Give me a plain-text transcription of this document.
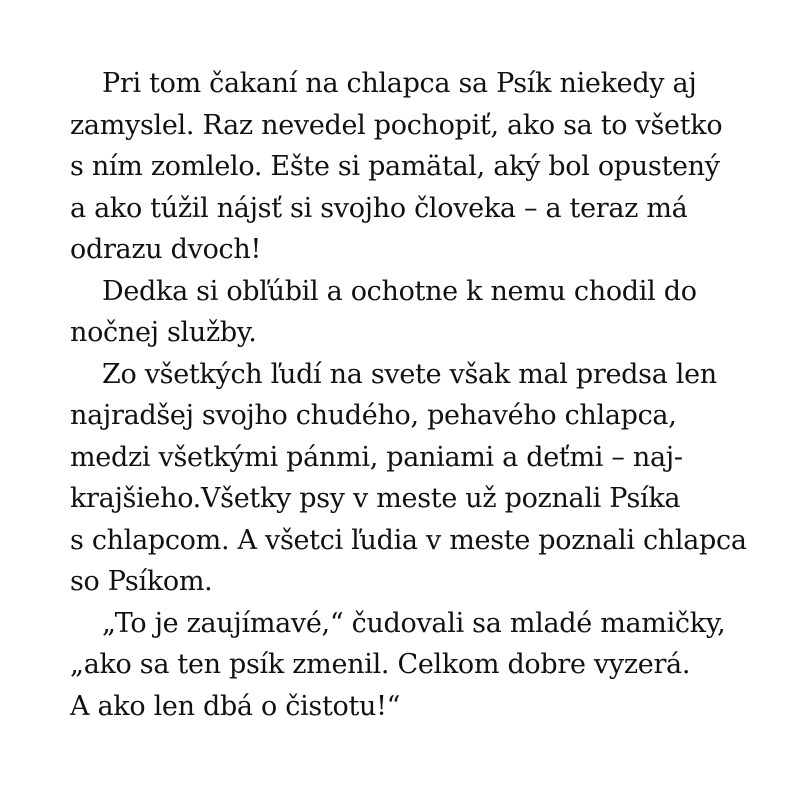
Pri tom čakaní na chlapca sa Psík niekedy aj
zamyslel. Raz nevedel pochopiť, ako sa to všetko
s ním zomlelo. Ešte si pamätal, aký bol opustený
a ako túžil nájsť si svojho človeka – a teraz má
odrazu dvoch!
Dedka si obľúbil a ochotne k nemu chodil do
nočnej služby.
Zo všetkých ľudí na svete však mal predsa len
najradšej svojho chudého, pehavého chlapca,
medzi všetkými pánmi, paniami a deťmi – naj-
krajšieho.Všetky psy v meste už poznali Psíka
s chlapcom. A všetci ľudia v meste poznali chlapca
so Psíkom.
„To je zaujímavé,“ čudovali sa mladé mamičky,
„ako sa ten psík zmenil. Celkom dobre vyzerá.
A ako len dbá o čistotu!“
